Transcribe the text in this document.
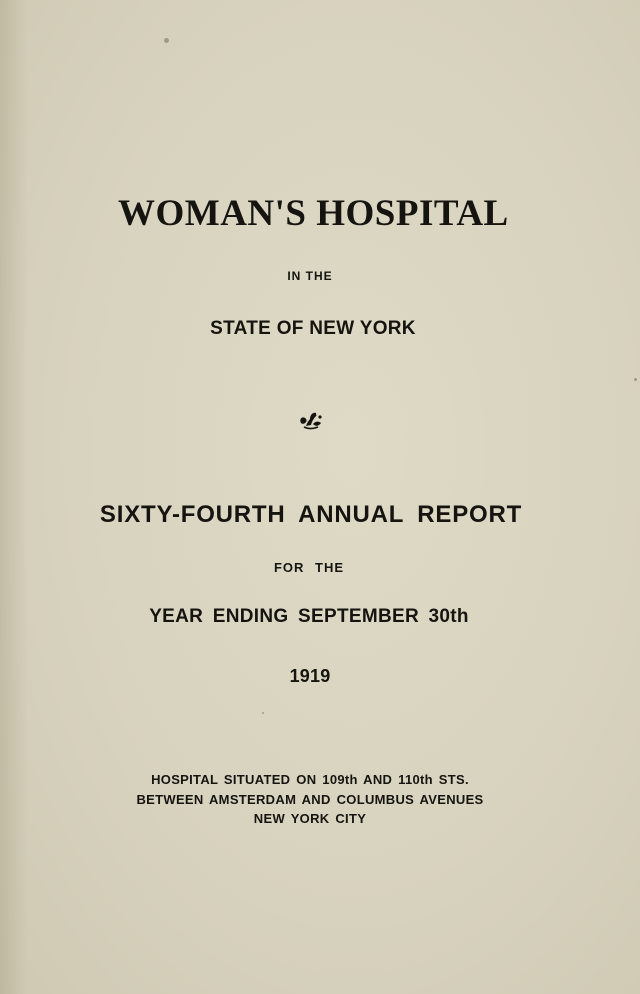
WOMAN'S HOSPITAL
IN THE
STATE OF NEW YORK
SIXTY-FOURTH ANNUAL REPORT
FOR THE
YEAR ENDING SEPTEMBER 30th
1919
HOSPITAL SITUATED ON 109th AND 110th STS.
BETWEEN AMSTERDAM AND COLUMBUS AVENUES
NEW YORK CITY
